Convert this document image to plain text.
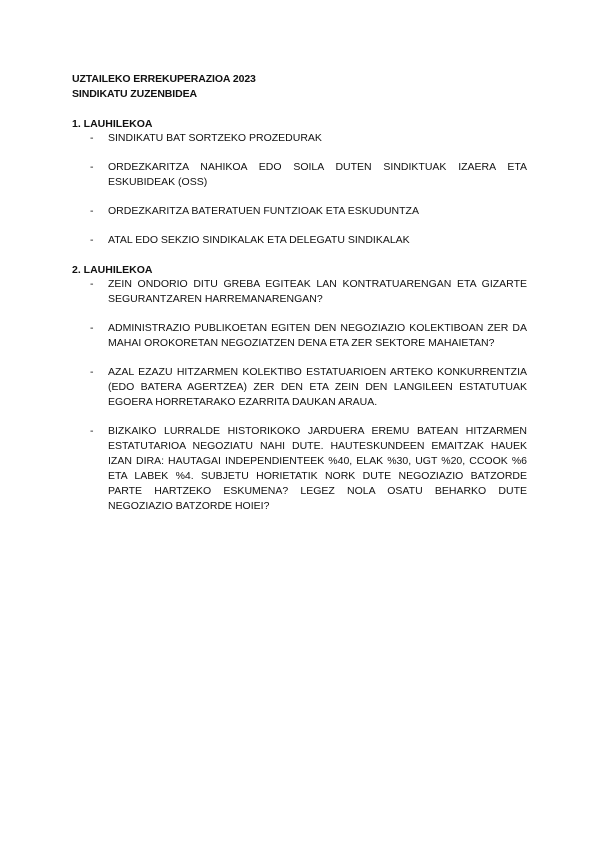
UZTAILEKO ERREKUPERAZIOA 2023
SINDIKATU ZUZENBIDEA
1. LAUHILEKOA
- SINDIKATU BAT SORTZEKO PROZEDURAK
- ORDEZKARITZA NAHIKOA EDO SOILA DUTEN SINDIKTUAK IZAERA ETA ESKUBIDEAK (OSS)
- ORDEZKARITZA BATERATUEN FUNTZIOAK ETA ESKUDUNTZA
- ATAL EDO SEKZIO SINDIKALAK ETA DELEGATU SINDIKALAK
2. LAUHILEKOA
- ZEIN ONDORIO DITU GREBA EGITEAK LAN KONTRATUARENGAN ETA GIZARTE SEGURANTZAREN HARREMANARENGAN?
- ADMINISTRAZIO PUBLIKOETAN EGITEN DEN NEGOZIAZIO KOLEKTIBOAN ZER DA MAHAI OROKORETAN NEGOZIATZEN DENA ETA ZER SEKTORE MAHAIETAN?
- AZAL EZAZU HITZARMEN KOLEKTIBO ESTATUARIOEN ARTEKO KONKURRENTZIA (EDO BATERA AGERTZEA) ZER DEN ETA ZEIN DEN LANGILEEN ESTATUTUAK EGOERA HORRETARAKO EZARRITA DAUKAN ARAUA.
- BIZKAIKO LURRALDE HISTORIKOKO JARDUERA EREMU BATEAN HITZARMEN ESTATUTARIOA NEGOZIATU NAHI DUTE. HAUTESKUNDEEN EMAITZAK HAUEK IZAN DIRA: HAUTAGAI INDEPENDIENTEEK %40, ELAK %30, UGT %20, CCOOK %6 ETA LABEK %4. SUBJETU HORIETATIK NORK DUTE NEGOZIAZIO BATZORDE PARTE HARTZEKO ESKUMENA? LEGEZ NOLA OSATU BEHARKO DUTE NEGOZIAZIO BATZORDE HOIEI?
